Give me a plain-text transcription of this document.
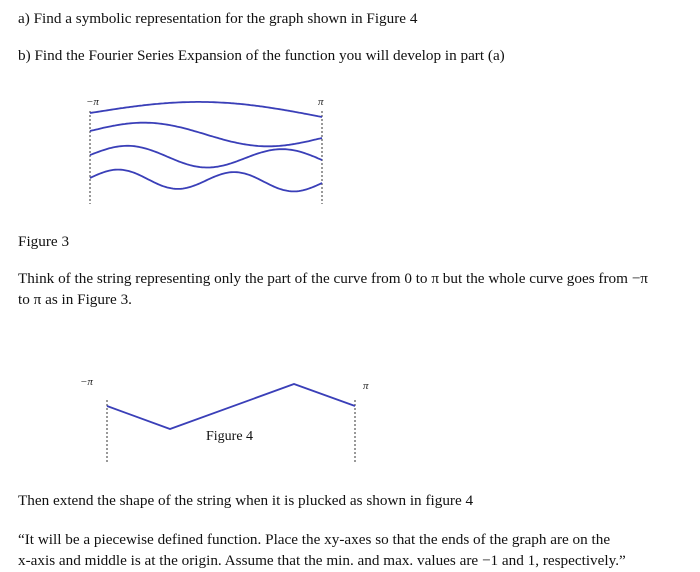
a) Find a symbolic representation for the graph shown in Figure 4

b) Find the Fourier Series Expansion of the function you will develop in part (a)

−π	π

Figure 3

Think of the string representing only the part of the curve from 0 to π but the whole curve goes from −π
to π as in Figure 3.

−π	π
Figure 4

Then extend the shape of the string when it is plucked as shown in figure 4

“It will be a piecewise defined function. Place the xy-axes so that the ends of the graph are on the
x-axis and middle is at the origin. Assume that the min. and max. values are −1 and 1, respectively.”
